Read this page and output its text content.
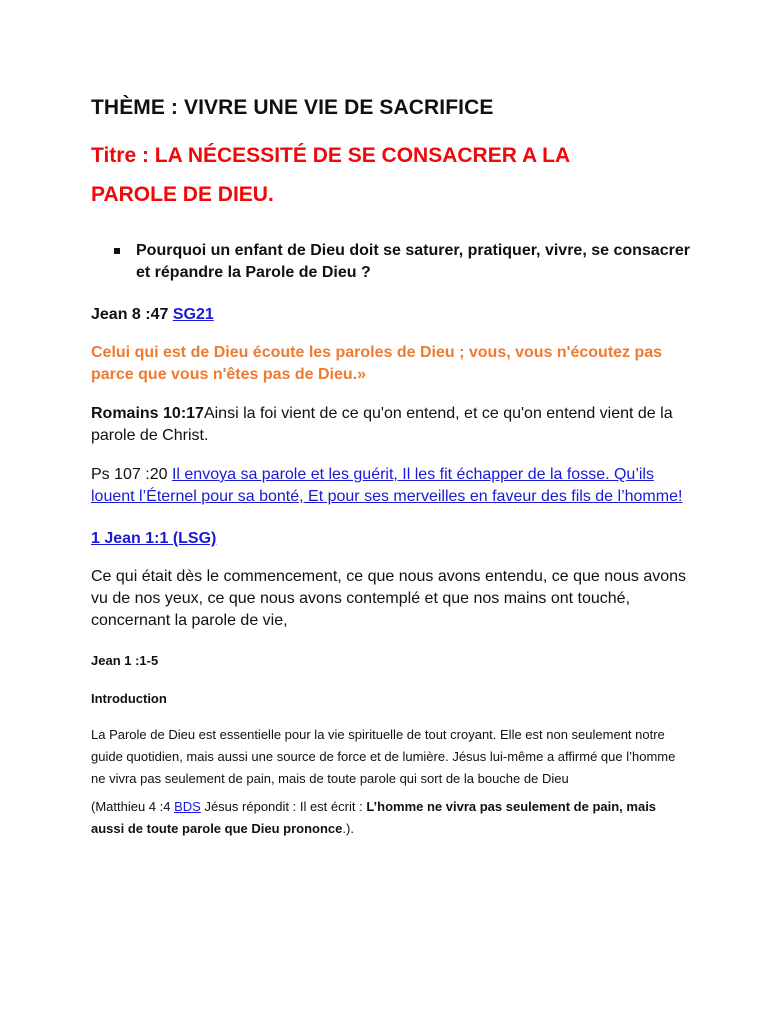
THÈME : VIVRE UNE VIE DE SACRIFICE
Titre : LA NÉCESSITÉ DE SE CONSACRER A LA
PAROLE DE DIEU.
Pourquoi un enfant de Dieu doit se saturer, pratiquer, vivre, se consacrer et répandre la Parole de Dieu ?

Jean 8 :47 SG21

Celui qui est de Dieu écoute les paroles de Dieu ; vous, vous n'écoutez pas parce que vous n'êtes pas de Dieu.»

Romains 10:17Ainsi la foi vient de ce qu'on entend, et ce qu'on entend vient de la parole de Christ.

Ps 107 :20 Il envoya sa parole et les guérit, Il les fit échapper de la fosse. Qu’ils louent l’Éternel pour sa bonté, Et pour ses merveilles en faveur des fils de l’homme!

1 Jean 1:1 (LSG)

Ce qui était dès le commencement, ce que nous avons entendu, ce que nous avons vu de nos yeux, ce que nous avons contemplé et que nos mains ont touché, concernant la parole de vie,

Jean 1 :1-5

Introduction

La Parole de Dieu est essentielle pour la vie spirituelle de tout croyant. Elle est non seulement notre guide quotidien, mais aussi une source de force et de lumière. Jésus lui-même a affirmé que l’homme ne vivra pas seulement de pain, mais de toute parole qui sort de la bouche de Dieu

(Matthieu 4 :4 BDS Jésus répondit : Il est écrit : L’homme ne vivra pas seulement de pain, mais aussi de toute parole que Dieu prononce.).
